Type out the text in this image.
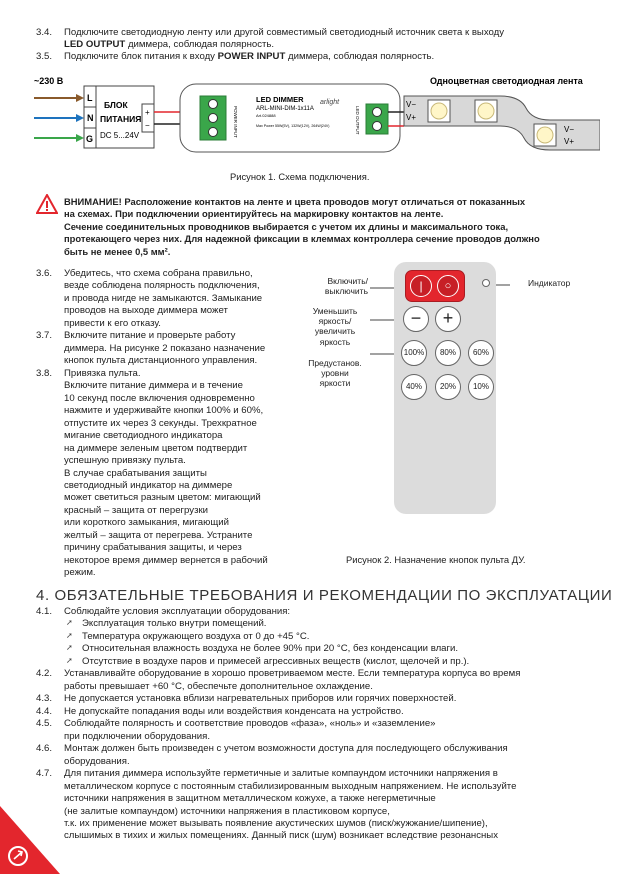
3.4.	Подключите светодиодную ленту или другой совместимый светодиодный источник света к выходу
LED OUTPUT диммера, соблюдая полярность.
3.5.	Подключите блок питания к входу POWER INPUT диммера, соблюдая полярность.
~230 В
L
N
G
БЛОК
ПИТАНИЯ
DC 5...24V
+
−	POWER INPUT
LED DIMMER
ARL-MINI-DIM-1x11A
Art.024888
Max Power 55W(5V), 132W(12V), 264W(24V)
arlight
LED OUTPUT
Одноцветная светодиодная лента
V−
V+
V−
V+
Рисунок 1. Схема подключения.
ВНИМАНИЕ! Расположение контактов на ленте и цвета проводов могут отличаться от показанных
на схемах. При подключении ориентируйтесь на маркировку контактов на ленте.
Сечение соединительных проводников выбирается с учетом их длины и максимального тока,
протекающего через них. Для надежной фиксации в клеммах контроллера сечение проводов должно
быть не менее 0,5 мм².
3.6. Убедитесь, что схема собрана правильно,
везде соблюдена полярность подключения,
и провода нигде не замыкаются. Замыкание
проводов на выходе диммера может
привести к его отказу.
3.7. Включите питание и проверьте работу
диммера. На рисунке 2 показано назначение
кнопок пульта дистанционного управления.
3.8. Привязка пульта.
Включите питание диммера и в течение
10 секунд после включения одновременно
нажмите и удерживайте кнопки 100% и 60%,
отпустите их через 3 секунды. Трехкратное
мигание светодиодного индикатора
на диммере зеленым цветом подтвердит
успешную привязку пульта.
В случае срабатывания защиты
светодиодный индикатор на диммере
может светиться разным цветом: мигающий
красный – защита от перегрузки
или короткого замыкания, мигающий
желтый – защита от перегрева. Устраните
причину срабатывания защиты, и через
некоторое время диммер вернется в рабочий
режим.
Включить/
выключить
Уменьшить
яркость/
увеличить
яркость
Предустанов.
уровни
яркости
|	○	Индикатор
−	+
100%	80%	60%
40%	20%	10%
Рисунок 2. Назначение кнопок пульта ДУ.
4. ОБЯЗАТЕЛЬНЫЕ ТРЕБОВАНИЯ И РЕКОМЕНДАЦИИ ПО ЭКСПЛУАТАЦИИ
4.1. Соблюдайте условия эксплуатации оборудования:
➚ Эксплуатация только внутри помещений.
➚ Температура окружающего воздуха от 0 до +45 °C.
➚ Относительная влажность воздуха не более 90% при 20 °C, без конденсации влаги.
➚ Отсутствие в воздухе паров и примесей агрессивных веществ (кислот, щелочей и пр.).
4.2. Устанавливайте оборудование в хорошо проветриваемом месте. Если температура корпуса во время
работы превышает +60 °C, обеспечьте дополнительное охлаждение.
4.3. Не допускается установка вблизи нагревательных приборов или горячих поверхностей.
4.4. Не допускайте попадания воды или воздействия конденсата на устройство.
4.5. Соблюдайте полярность и соответствие проводов «фаза», «ноль» и «заземление»
при подключении оборудования.
4.6. Монтаж должен быть произведен с учетом возможности доступа для последующего обслуживания
оборудования.
4.7. Для питания диммера используйте герметичные и залитые компаундом источники напряжения в
металлическом корпусе с постоянным стабилизированным выходным напряжением. Не используйте
источники напряжения в защитном металлическом кожухе, а также негерметичные
(не залитые компаундом) источники напряжения в пластиковом корпусе,
т.к. их применение может вызывать появление акустических шумов (писк/жужжание/шипение),
слышимых в тихих и жилых помещениях. Данный писк (шум) возникает вследствие резонансных
